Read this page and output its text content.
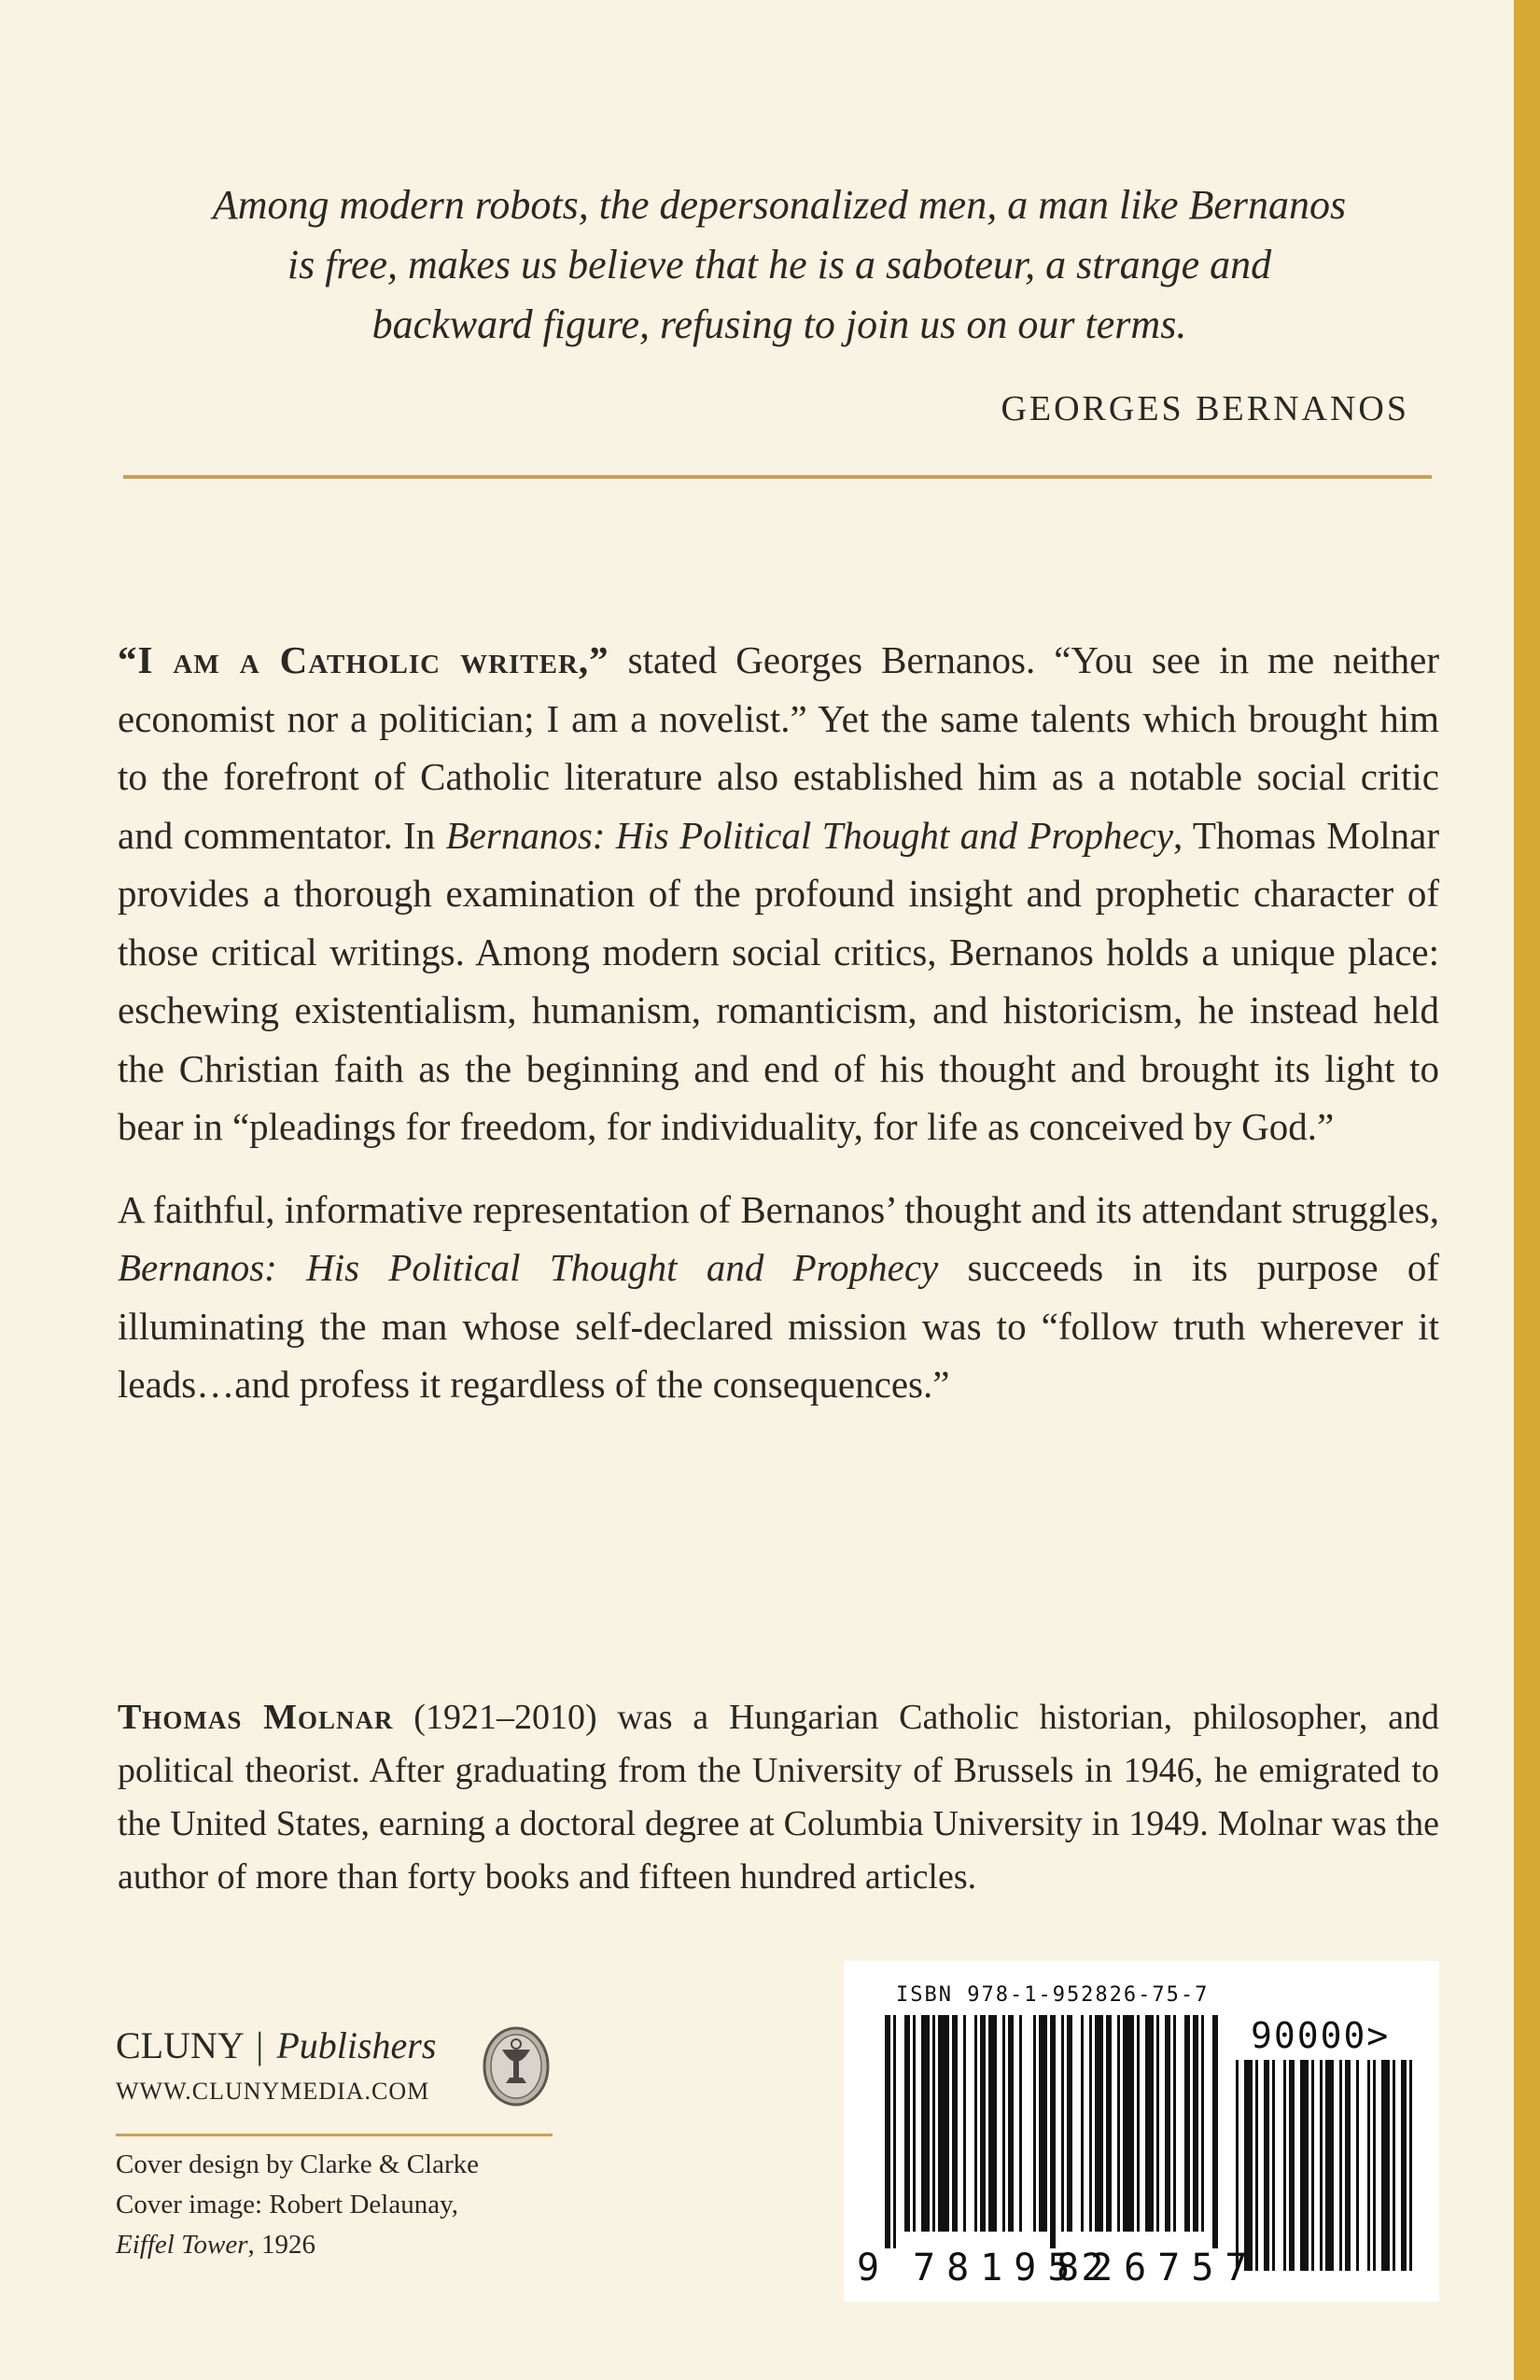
Among modern robots, the depersonalized men, a man like Bernanos
is free, makes us believe that he is a saboteur, a strange and
backward figure, refusing to join us on our terms.
GEORGES BERNANOS

“I am a Catholic writer,” stated Georges Bernanos. “You see in me neither economist nor a politician; I am a novelist.” Yet the same talents which brought him to the forefront of Catholic literature also established him as a notable social critic and commentator. In Bernanos: His Political Thought and Prophecy, Thomas Molnar provides a thorough examination of the profound insight and prophetic character of those critical writings. Among modern social critics, Bernanos holds a unique place: eschewing existentialism, humanism, romanticism, and historicism, he instead held the Christian faith as the beginning and end of his thought and brought its light to bear in “pleadings for freedom, for individuality, for life as conceived by God.”

A faithful, informative representation of Bernanos’ thought and its attendant struggles, Bernanos: His Political Thought and Prophecy succeeds in its purpose of illuminating the man whose self-declared mission was to “follow truth wherever it leads…and profess it regardless of the consequences.”

Thomas Molnar (1921–2010) was a Hungarian Catholic historian, philosopher, and political theorist. After graduating from the University of Brussels in 1946, he emigrated to the United States, earning a doctoral degree at Columbia University in 1949. Molnar was the author of more than forty books and fifteen hundred articles.

CLUNY | Publishers
WWW.CLUNYMEDIA.COM
Cover design by Clarke & Clarke
Cover image: Robert Delaunay,
Eiffel Tower, 1926
ISBN 978-1-952826-75-7
90000>
9 781952
826757
